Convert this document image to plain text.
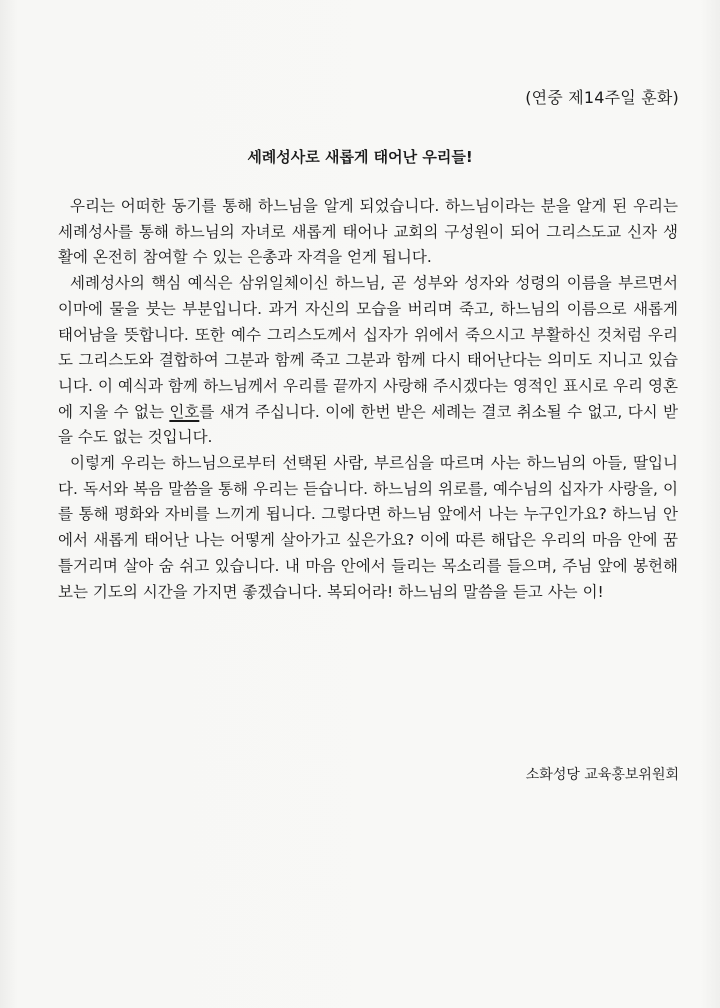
(연중 제14주일 훈화)
세례성사로 새롭게 태어난 우리들!

우리는 어떠한 동기를 통해 하느님을 알게 되었습니다. 하느님이라는 분을 알게 된 우리는 세례성사를 통해 하느님의 자녀로 새롭게 태어나 교회의 구성원이 되어 그리스도교 신자 생활에 온전히 참여할 수 있는 은총과 자격을 얻게 됩니다.

세례성사의 핵심 예식은 삼위일체이신 하느님, 곧 성부와 성자와 성령의 이름을 부르면서 이마에 물을 붓는 부분입니다. 과거 자신의 모습을 버리며 죽고, 하느님의 이름으로 새롭게 태어남을 뜻합니다. 또한 예수 그리스도께서 십자가 위에서 죽으시고 부활하신 것처럼 우리도 그리스도와 결합하여 그분과 함께 죽고 그분과 함께 다시 태어난다는 의미도 지니고 있습니다. 이 예식과 함께 하느님께서 우리를 끝까지 사랑해 주시겠다는 영적인 표시로 우리 영혼에 지울 수 없는 인호를 새겨 주십니다. 이에 한번 받은 세례는 결코 취소될 수 없고, 다시 받을 수도 없는 것입니다.

이렇게 우리는 하느님으로부터 선택된 사람, 부르심을 따르며 사는 하느님의 아들, 딸입니다. 독서와 복음 말씀을 통해 우리는 듣습니다. 하느님의 위로를, 예수님의 십자가 사랑을, 이를 통해 평화와 자비를 느끼게 됩니다. 그렇다면 하느님 앞에서 나는 누구인가요? 하느님 안에서 새롭게 태어난 나는 어떻게 살아가고 싶은가요? 이에 따른 해답은 우리의 마음 안에 꿈틀거리며 살아 숨 쉬고 있습니다. 내 마음 안에서 들리는 목소리를 들으며, 주님 앞에 봉헌해 보는 기도의 시간을 가지면 좋겠습니다. 복되어라! 하느님의 말씀을 듣고 사는 이!

소화성당 교육홍보위원회
